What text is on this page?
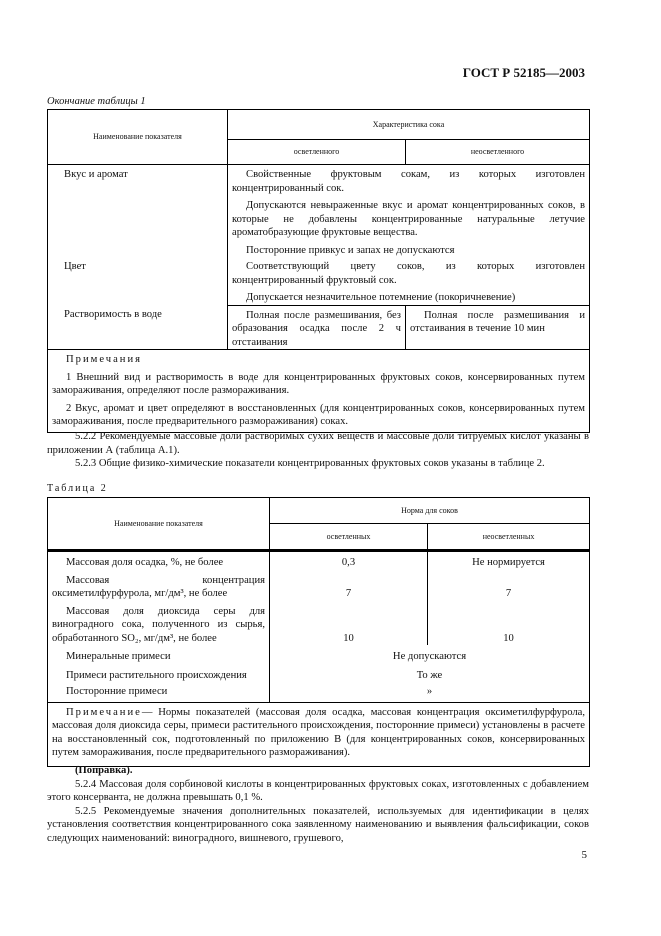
ГОСТ Р 52185—2003
Окончание таблицы 1
Наименование показателя	Характеристика сока	
	осветленного	неосветленного
Вкус и аромат	Свойственные фруктовым сокам, из которых изготовлен концентрированный сок.

Допускаются невыраженные вкус и аромат концентрированных соков, в которые не добавлены концентрированные натуральные летучие ароматобразующие фруктовые вещества.

Посторонние привкус и запах не допускаются	

Цвет	Соответствующий цвету соков, из которых изготовлен концентрированный фруктовый сок.

Допускается незначительное потемнение (покоричневение)	

Растворимость в воде	Полная после размешивания, без образования осадка после 2 ч отстаивания	Полная после размешивания и отстаивания в течение 10 мин

Примечания

1 Внешний вид и растворимость в воде для концентрированных фруктовых соков, консервированных путем замораживания, определяют после размораживания.

2 Вкус, аромат и цвет определяют в восстановленных (для концентрированных соков, консервированных путем замораживания, после предварительного размораживания) соках.		

5.2.2 Рекомендуемые массовые доли растворимых сухих веществ и массовые доли титруемых кислот указаны в приложении А (таблица А.1).

5.2.3 Общие физико-химические показатели концентрированных фруктовых соков указаны в таблице 2.

Таблица 2
Наименование показателя	Норма для соков	
	осветленных	неосветленных
Массовая доля осадка, %, не более	0,3	Не нормируется
Массовая концентрация оксиметилфурфурола, мг/дм³, не более	7	7
Массовая доля диоксида серы для виноградного сока, полученного из сырья, обработанного SO₂, мг/дм³, не более	10	10
Минеральные примеси	Не допускаются	
Примеси растительного происхождения	То же	
Посторонние примеси	»	
Примечание— Нормы показателей (массовая доля осадка, массовая концентрация оксиметилфурфурола, массовая доля диоксида серы, примеси растительного происхождения, посторонние примеси) установлены в расчете на восстановленный сок, подготовленный по приложению В (для концентрированных соков, консервированных путем замораживания, после предварительного размораживания).		

(Поправка).

5.2.4 Массовая доля сорбиновой кислоты в концентрированных фруктовых соках, изготовленных с добавлением этого консерванта, не должна превышать 0,1 %.

5.2.5 Рекомендуемые значения дополнительных показателей, используемых для идентификации в целях установления соответствия концентрированного сока заявленному наименованию и выявления фальсификации, соков следующих наименований: виноградного, вишневого, грушевого,

5
